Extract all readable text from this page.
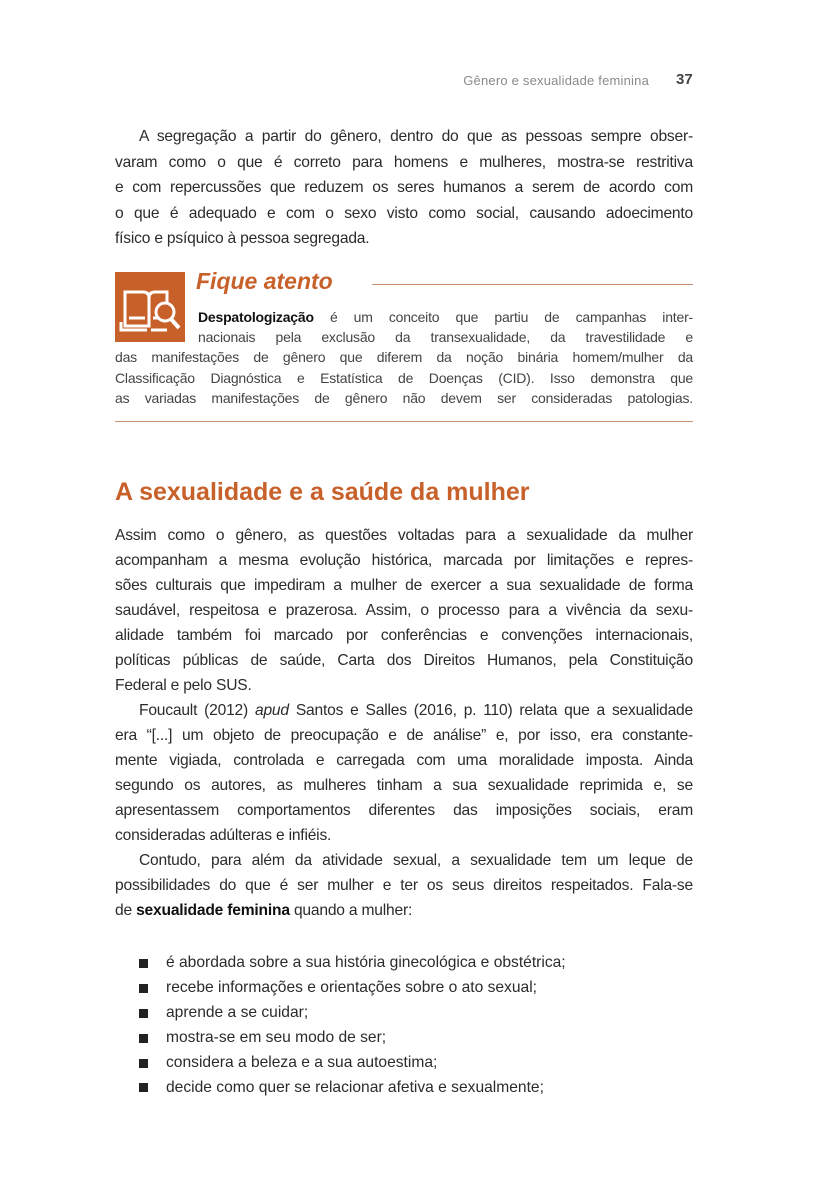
Gênero e sexualidade feminina 37
A segregação a partir do gênero, dentro do que as pessoas sempre obser-
varam como o que é correto para homens e mulheres, mostra-se restritiva
e com repercussões que reduzem os seres humanos a serem de acordo com
o que é adequado e com o sexo visto como social, causando adoecimento
físico e psíquico à pessoa segregada.
Fique atento
Despatologização é um conceito que partiu de campanhas inter-
nacionais pela exclusão da transexualidade, da travestilidade e
das manifestações de gênero que diferem da noção binária homem/mulher da
Classificação Diagnóstica e Estatística de Doenças (CID). Isso demonstra que
as variadas manifestações de gênero não devem ser consideradas patologias.
A sexualidade e a saúde da mulher
Assim como o gênero, as questões voltadas para a sexualidade da mulher
acompanham a mesma evolução histórica, marcada por limitações e repres-
sões culturais que impediram a mulher de exercer a sua sexualidade de forma
saudável, respeitosa e prazerosa. Assim, o processo para a vivência da sexu-
alidade também foi marcado por conferências e convenções internacionais,
políticas públicas de saúde, Carta dos Direitos Humanos, pela Constituição
Federal e pelo SUS.
Foucault (2012) apud Santos e Salles (2016, p. 110) relata que a sexualidade
era “[...] um objeto de preocupação e de análise” e, por isso, era constante-
mente vigiada, controlada e carregada com uma moralidade imposta. Ainda
segundo os autores, as mulheres tinham a sua sexualidade reprimida e, se
apresentassem comportamentos diferentes das imposições sociais, eram
consideradas adúlteras e infiéis.
Contudo, para além da atividade sexual, a sexualidade tem um leque de
possibilidades do que é ser mulher e ter os seus direitos respeitados. Fala-se
de sexualidade feminina quando a mulher:
é abordada sobre a sua história ginecológica e obstétrica;
recebe informações e orientações sobre o ato sexual;
aprende a se cuidar;
mostra-se em seu modo de ser;
considera a beleza e a sua autoestima;
decide como quer se relacionar afetiva e sexualmente;
